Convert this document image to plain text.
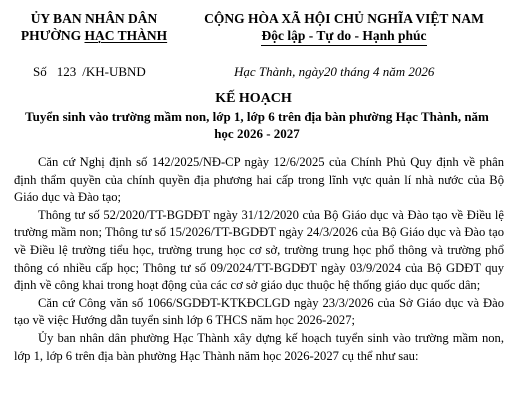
ỦY BAN NHÂN DÂN
PHƯỜNG HẠC THÀNH
CỘNG HÒA XÃ HỘI CHỦ NGHĨA VIỆT NAM
Độc lập - Tự do - Hạnh phúc
Số 123 /KH-UBND	Hạc Thành, ngày20 tháng 4 năm 2026
KẾ HOẠCH
Tuyển sinh vào trường mầm non, lớp 1, lớp 6 trên địa bàn phường Hạc Thành, năm học 2026 - 2027

Căn cứ Nghị định số 142/2025/NĐ-CP ngày 12/6/2025 của Chính Phủ Quy định về phân định thẩm quyền của chính quyền địa phương hai cấp trong lĩnh vực quản lí nhà nước của Bộ Giáo dục và Đào tạo;

Thông tư số 52/2020/TT-BGDĐT ngày 31/12/2020 của Bộ Giáo dục và Đào tạo về Điều lệ trường mầm non; Thông tư số 15/2026/TT-BGDĐT ngày 24/3/2026 của Bộ Giáo dục và Đào tạo về Điều lệ trường tiểu học, trường trung học cơ sở, trường trung học phổ thông và trường phổ thông có nhiều cấp học; Thông tư số 09/2024/TT-BGDĐT ngày 03/9/2024 của Bộ GDĐT quy định về công khai trong hoạt động của các cơ sở giáo dục thuộc hệ thống giáo dục quốc dân;

Căn cứ Công văn số 1066/SGDĐT-KTKĐCLGD ngày 23/3/2026 của Sở Giáo dục và Đào tạo về việc Hướng dẫn tuyển sinh lớp 6 THCS năm học 2026-2027;

Ủy ban nhân dân phường Hạc Thành xây dựng kế hoạch tuyển sinh vào trường mầm non, lớp 1, lớp 6 trên địa bàn phường Hạc Thành năm học 2026-2027 cụ thể như sau:
